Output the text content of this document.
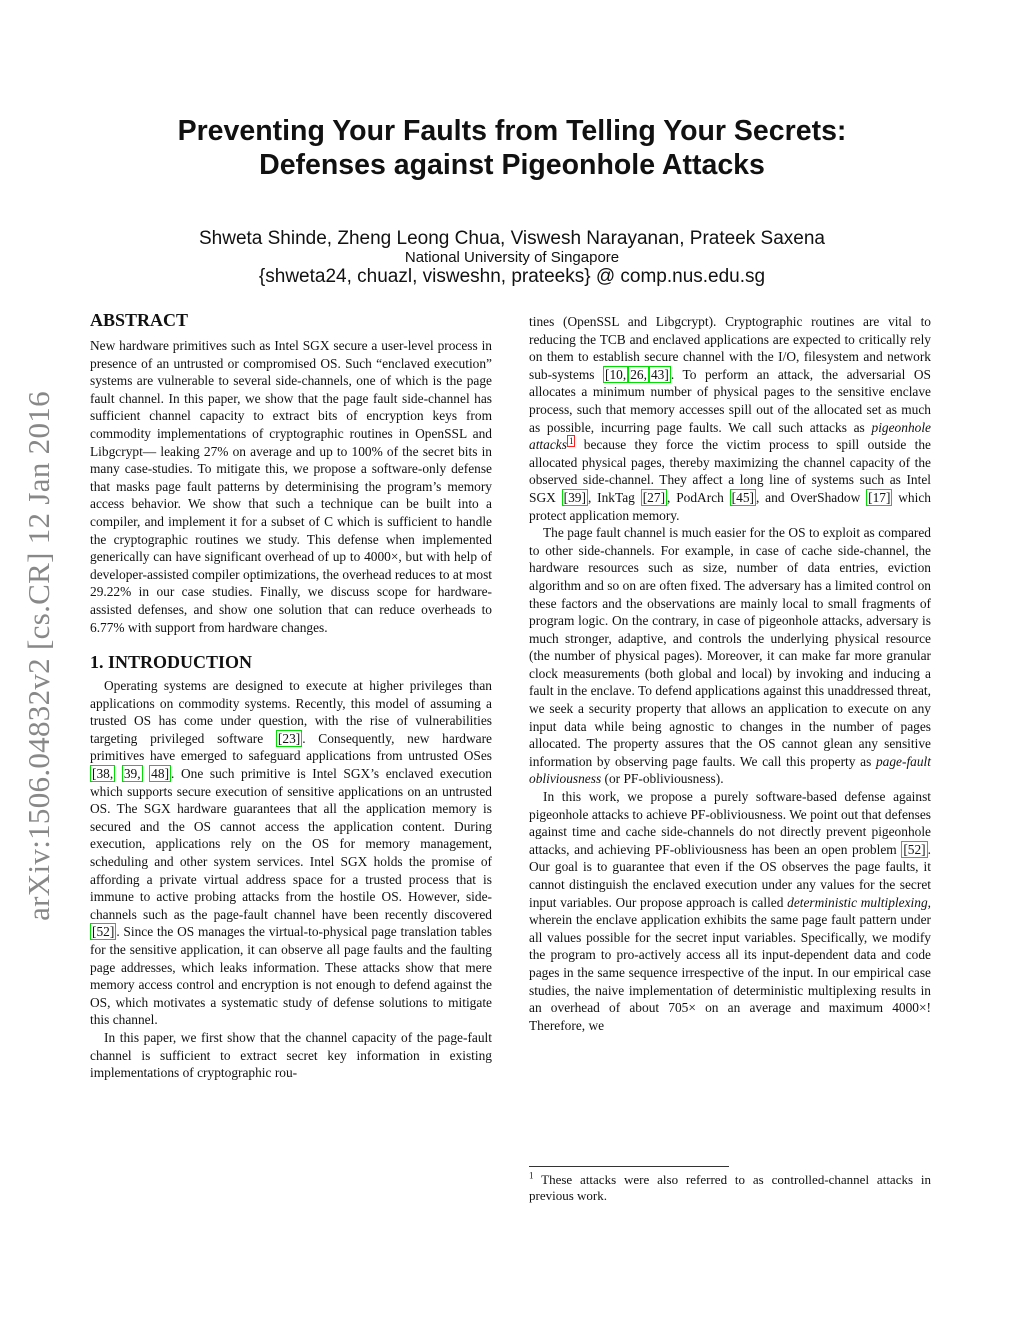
Preventing Your Faults from Telling Your Secrets:
Defenses against Pigeonhole Attacks

Shweta Shinde, Zheng Leong Chua, Viswesh Narayanan, Prateek Saxena

National University of Singapore

{shweta24, chuazl, visweshn, prateeks} @ comp.nus.edu.sg

arXiv:1506.04832v2 [cs.CR] 12 Jan 2016
ABSTRACT

New hardware primitives such as Intel SGX secure a user-level process in presence of an untrusted or compromised OS. Such “enclaved execution” systems are vulnerable to several side-channels, one of which is the page fault channel. In this paper, we show that the page fault side-channel has sufficient channel capacity to extract bits of encryption keys from commodity implementations of cryptographic routines in OpenSSL and Libgcrypt— leaking 27% on average and up to 100% of the secret bits in many case-studies. To mitigate this, we propose a software-only defense that masks page fault patterns by determinising the program’s memory access behavior. We show that such a technique can be built into a compiler, and implement it for a subset of C which is sufficient to handle the cryptographic routines we study. This defense when implemented generically can have significant overhead of up to 4000×, but with help of developer-assisted compiler optimizations, the overhead reduces to at most 29.22% in our case studies. Finally, we discuss scope for hardware-assisted defenses, and show one solution that can reduce overheads to 6.77% with support from hardware changes.

1. INTRODUCTION

Operating systems are designed to execute at higher privileges than applications on commodity systems. Recently, this model of assuming a trusted OS has come under question, with the rise of vulnerabilities targeting privileged software [23] . Consequently, new hardware primitives have emerged to safeguard applications from untrusted OSes [38, 39, 48] . One such primitive is Intel SGX’s enclaved execution which supports secure execution of sensitive applications on an untrusted OS. The SGX hardware guarantees that all the application memory is secured and the OS cannot access the application content. During execution, applications rely on the OS for memory management, scheduling and other system services. Intel SGX holds the promise of affording a private virtual address space for a trusted process that is immune to active probing attacks from the hostile OS. However, side-channels such as the page-fault channel have been recently discovered [52] . Since the OS manages the virtual-to-physical page translation tables for the sensitive application, it can observe all page faults and the faulting page addresses, which leaks information. These attacks show that mere memory access control and encryption is not enough to defend against the OS, which motivates a systematic study of defense solutions to mitigate this channel.

In this paper, we first show that the channel capacity of the page-fault channel is sufficient to extract secret key information in existing implementations of cryptographic rou-

tines (OpenSSL and Libgcrypt). Cryptographic routines are vital to reducing the TCB and enclaved applications are expected to critically rely on them to establish secure channel with the I/O, filesystem and network sub-systems [10, 26, 43] . To perform an attack, the adversarial OS allocates a minimum number of physical pages to the sensitive enclave process, such that memory accesses spill out of the allocated set as much as possible, incurring page faults. We call such attacks as pigeonhole attacks $^1$ because they force the victim process to spill outside the allocated physical pages, thereby maximizing the channel capacity of the observed side-channel. They affect a long line of systems such as Intel SGX [39] , InkTag [27] , PodArch [45] , and OverShadow [17] which protect application memory.

The page fault channel is much easier for the OS to exploit as compared to other side-channels. For example, in case of cache side-channel, the hardware resources such as size, number of data entries, eviction algorithm and so on are often fixed. The adversary has a limited control on these factors and the observations are mainly local to small fragments of program logic. On the contrary, in case of pigeonhole attacks, adversary is much stronger, adaptive, and controls the underlying physical resource (the number of physical pages). Moreover, it can make far more granular clock measurements (both global and local) by invoking and inducing a fault in the enclave. To defend applications against this unaddressed threat, we seek a security property that allows an application to execute on any input data while being agnostic to changes in the number of pages allocated. The property assures that the OS cannot glean any sensitive information by observing page faults. We call this property as page-fault obliviousness (or PF-obliviousness).

In this work, we propose a purely software-based defense against pigeonhole attacks to achieve PF-obliviousness. We point out that defenses against time and cache side-channels do not directly prevent pigeonhole attacks, and achieving PF-obliviousness has been an open problem [52] . Our goal is to guarantee that even if the OS observes the page faults, it cannot distinguish the enclaved execution under any values for the secret input variables. Our propose approach is called deterministic multiplexing, wherein the enclave application exhibits the same page fault pattern under all values possible for the secret input variables. Specifically, we modify the program to pro-actively access all its input-dependent data and code pages in the same sequence irrespective of the input. In our empirical case studies, the naive implementation of deterministic multiplexing results in an overhead of about 705× on an average and maximum 4000×! Therefore, we

$^1$ These attacks were also referred to as controlled-channel attacks in previous work.
